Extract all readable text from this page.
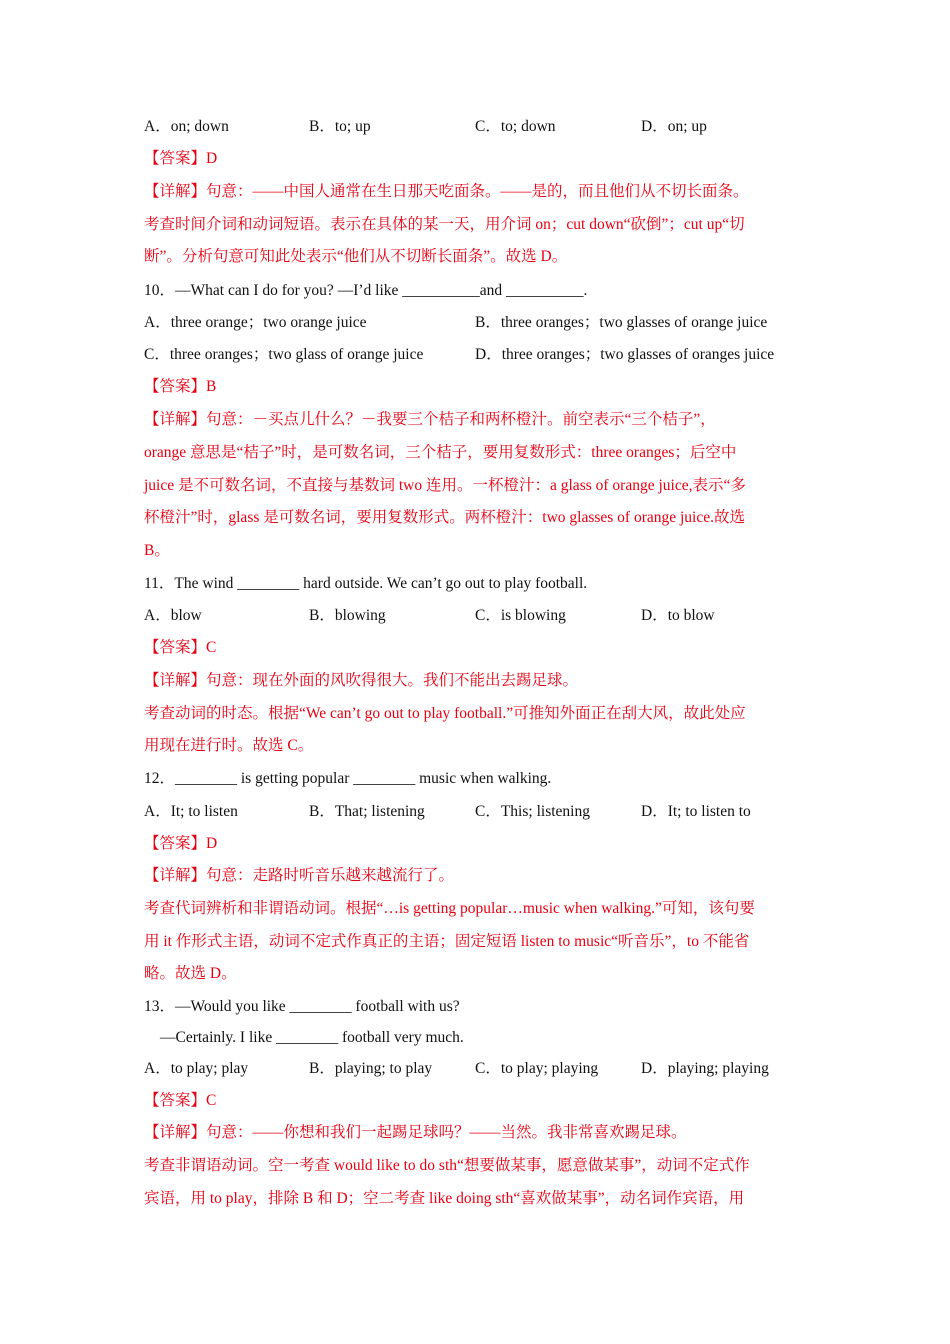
A．on; down	B．to; up	C．to; down	D．on; up
【答案】D
【详解】句意：——中国人通常在生日那天吃面条。——是的，而且他们从不切长面条。
考查时间介词和动词短语。表示在具体的某一天，用介词 on；cut down“砍倒”；cut up“切
断”。分析句意可知此处表示“他们从不切断长面条”。故选 D。
10．—What can I do for you? —I’d like __________and __________.
A．three orange；two orange juice	B．three oranges；two glasses of orange juice
C．three oranges；two glass of orange juice	D．three oranges；two glasses of oranges juice
【答案】B
【详解】句意：－买点儿什么？－我要三个桔子和两杯橙汁。前空表示“三个桔子”，
orange 意思是“桔子”时，是可数名词，三个桔子，要用复数形式：three oranges；后空中
juice 是不可数名词，不直接与基数词 two 连用。一杯橙汁：a glass of orange juice,表示“多
杯橙汁”时，glass 是可数名词，要用复数形式。两杯橙汁：two glasses of orange juice.故选
B。
11．The wind ________ hard outside. We can’t go out to play football.
A．blow	B．blowing	C．is blowing	D．to blow
【答案】C
【详解】句意：现在外面的风吹得很大。我们不能出去踢足球。
考查动词的时态。根据“We can’t go out to play football.”可推知外面正在刮大风，故此处应
用现在进行时。故选 C。
12．________ is getting popular ________ music when walking.
A．It; to listen	B．That; listening	C．This; listening	D．It; to listen to
【答案】D
【详解】句意：走路时听音乐越来越流行了。
考查代词辨析和非谓语动词。根据“…is getting popular…music when walking.”可知，该句要
用 it 作形式主语，动词不定式作真正的主语；固定短语 listen to music“听音乐”，to 不能省
略。故选 D。
13．—Would you like ________ football with us?
—Certainly. I like ________ football very much.
A．to play; play	B．playing; to play	C．to play; playing	D．playing; playing
【答案】C
【详解】句意：——你想和我们一起踢足球吗？——当然。我非常喜欢踢足球。
考查非谓语动词。空一考查 would like to do sth“想要做某事，愿意做某事”，动词不定式作
宾语，用 to play，排除 B 和 D；空二考查 like doing sth“喜欢做某事”，动名词作宾语，用
